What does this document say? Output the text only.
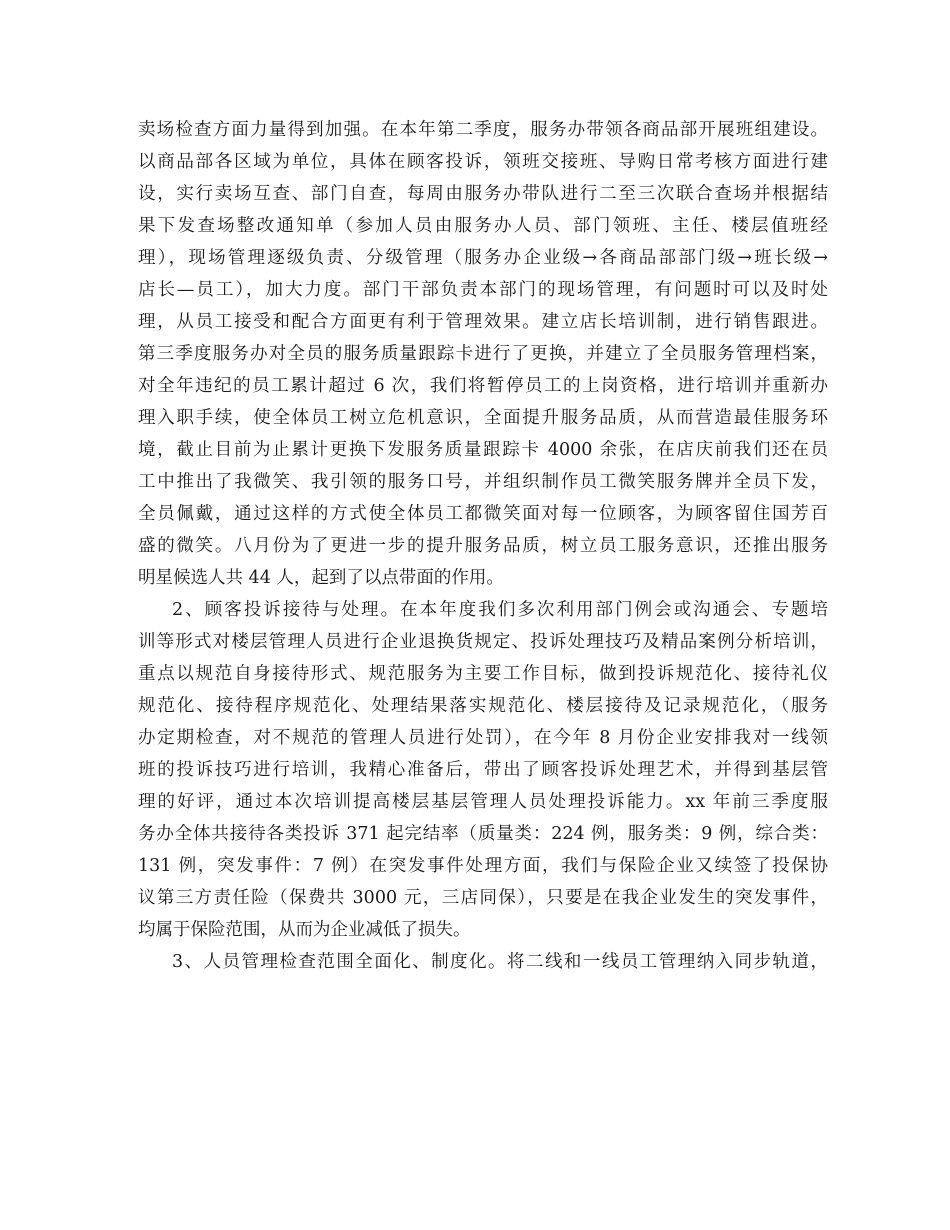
卖场检查方面力量得到加强。在本年第二季度，服务办带领各商品部开展班组建设。
以商品部各区域为单位，具体在顾客投诉，领班交接班、导购日常考核方面进行建
设，实行卖场互查、部门自查，每周由服务办带队进行二至三次联合查场并根据结
果下发查场整改通知单（参加人员由服务办人员、部门领班、主任、楼层值班经
理），现场管理逐级负责、分级管理（服务办企业级→各商品部部门级→班长级→
店长—员工），加大力度。部门干部负责本部门的现场管理，有问题时可以及时处
理，从员工接受和配合方面更有利于管理效果。建立店长培训制，进行销售跟进。
第三季度服务办对全员的服务质量跟踪卡进行了更换，并建立了全员服务管理档案，
对全年违纪的员工累计超过 6 次，我们将暂停员工的上岗资格，进行培训并重新办
理入职手续，使全体员工树立危机意识，全面提升服务品质，从而营造最佳服务环
境，截止目前为止累计更换下发服务质量跟踪卡 4000 余张，在店庆前我们还在员
工中推出了我微笑、我引领的服务口号，并组织制作员工微笑服务牌并全员下发，
全员佩戴，通过这样的方式使全体员工都微笑面对每一位顾客，为顾客留住国芳百
盛的微笑。八月份为了更进一步的提升服务品质，树立员工服务意识，还推出服务
明星候选人共 44 人，起到了以点带面的作用。
2、顾客投诉接待与处理。在本年度我们多次利用部门例会或沟通会、专题培
训等形式对楼层管理人员进行企业退换货规定、投诉处理技巧及精品案例分析培训，
重点以规范自身接待形式、规范服务为主要工作目标，做到投诉规范化、接待礼仪
规范化、接待程序规范化、处理结果落实规范化、楼层接待及记录规范化，（服务
办定期检查，对不规范的管理人员进行处罚），在今年 8 月份企业安排我对一线领
班的投诉技巧进行培训，我精心准备后，带出了顾客投诉处理艺术，并得到基层管
理的好评，通过本次培训提高楼层基层管理人员处理投诉能力。xx 年前三季度服
务办全体共接待各类投诉 371 起完结率（质量类：224 例，服务类：9 例，综合类：
131 例，突发事件：7 例）在突发事件处理方面，我们与保险企业又续签了投保协
议第三方责任险（保费共 3000 元，三店同保），只要是在我企业发生的突发事件，
均属于保险范围，从而为企业减低了损失。
3、人员管理检查范围全面化、制度化。将二线和一线员工管理纳入同步轨道，
